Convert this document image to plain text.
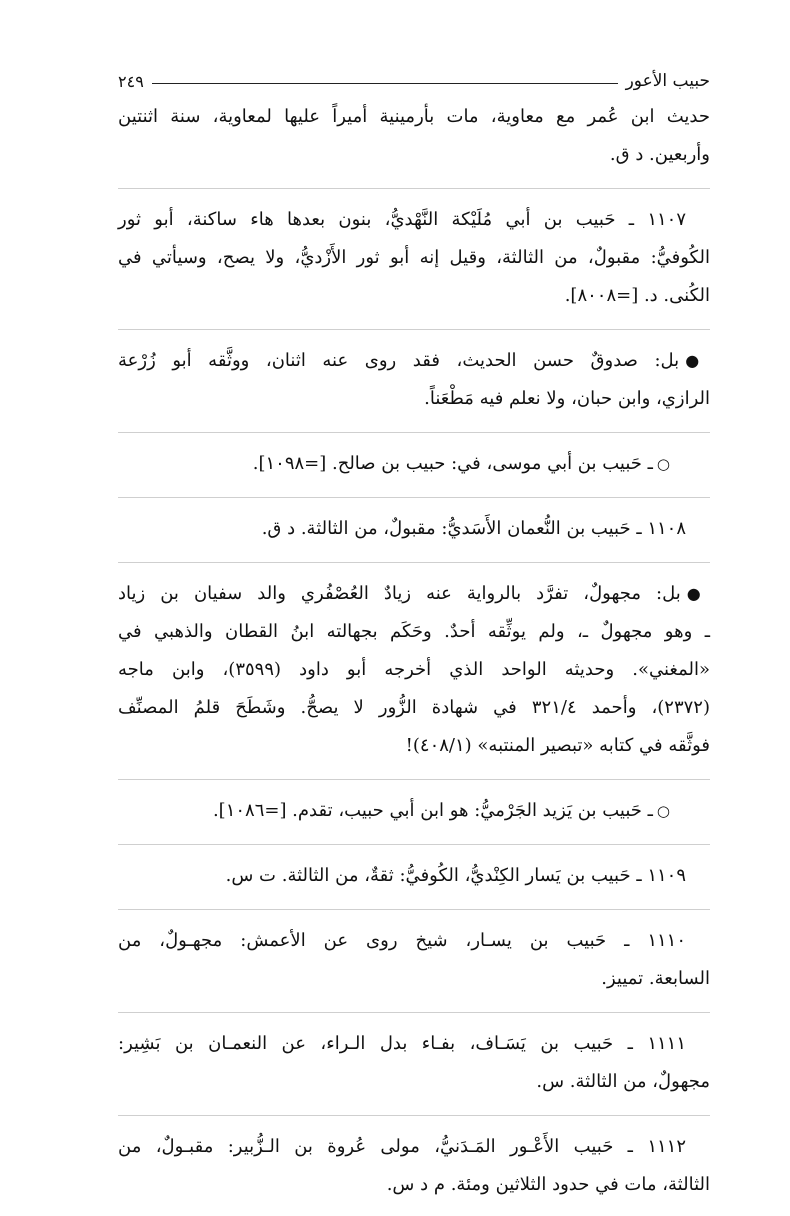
حبيب الأعور
٢٤٩
حديث ابن عُمر مع معاوية، مات بأرمينية أميراً عليها لمعاوية، سنة اثنتين
وأربعين. د ق.
١١٠٧ ـ حَبيب بن أبي مُلَيْكة النَّهْديُّ، بنون بعدها هاء ساكنة، أبو ثور
الكُوفيُّ: مقبولٌ، من الثالثة، وقيل إنه أبو ثور الأَزْديُّ، ولا يصح، وسيأتي في
الكُنى. د. [=٨٠٠٨].
●بل: صدوقٌ حسن الحديث، فقد روى عنه اثنان، ووثَّقه أبو زُرْعة
الرازي، وابن حبان، ولا نعلم فيه مَطْعَناً.
○ـ حَبيب بن أبي موسى، في: حبيب بن صالح. [=١٠٩٨].
١١٠٨ ـ حَبيب بن النُّعمان الأَسَديُّ: مقبولٌ، من الثالثة. د ق.
●بل: مجهولٌ، تفرَّد بالرواية عنه زيادٌ العُصْفُري والد سفيان بن زياد
ـ وهو مجهولٌ ـ، ولم يوثِّقه أحدٌ. وحَكَم بجهالته ابنُ القطان والذهبي في
«المغني». وحديثه الواحد الذي أخرجه أبو داود (٣٥٩٩)، وابن ماجه
(٢٣٧٢)، وأحمد ٣٢١/٤ في شهادة الزُّور لا يصحُّ. وشَطَحَ قلمُ المصنِّف
فوثَّقه في كتابه «تبصير المنتبه» (٤٠٨/١)!
○ـ حَبيب بن يَزيد الجَرْميُّ: هو ابن أبي حبيب، تقدم. [=١٠٨٦].
١١٠٩ ـ حَبيب بن يَسار الكِنْديُّ، الكُوفيُّ: ثقةٌ، من الثالثة. ت س.
١١١٠ ـ حَبيب بن يسـار، شيخ روى عن الأعمش: مجهـولٌ، من
السابعة. تمييز.
١١١١ ـ حَبيب بن يَسَـاف، بفـاء بدل الـراء، عن النعمـان بن بَشِير:
مجهولٌ، من الثالثة. س.
١١١٢ ـ حَبيب الأَعْـور المَـدَنيُّ، مولى عُروة بن الـزُّبير: مقبـولٌ، من
الثالثة، مات في حدود الثلاثين ومئة. م د س.
